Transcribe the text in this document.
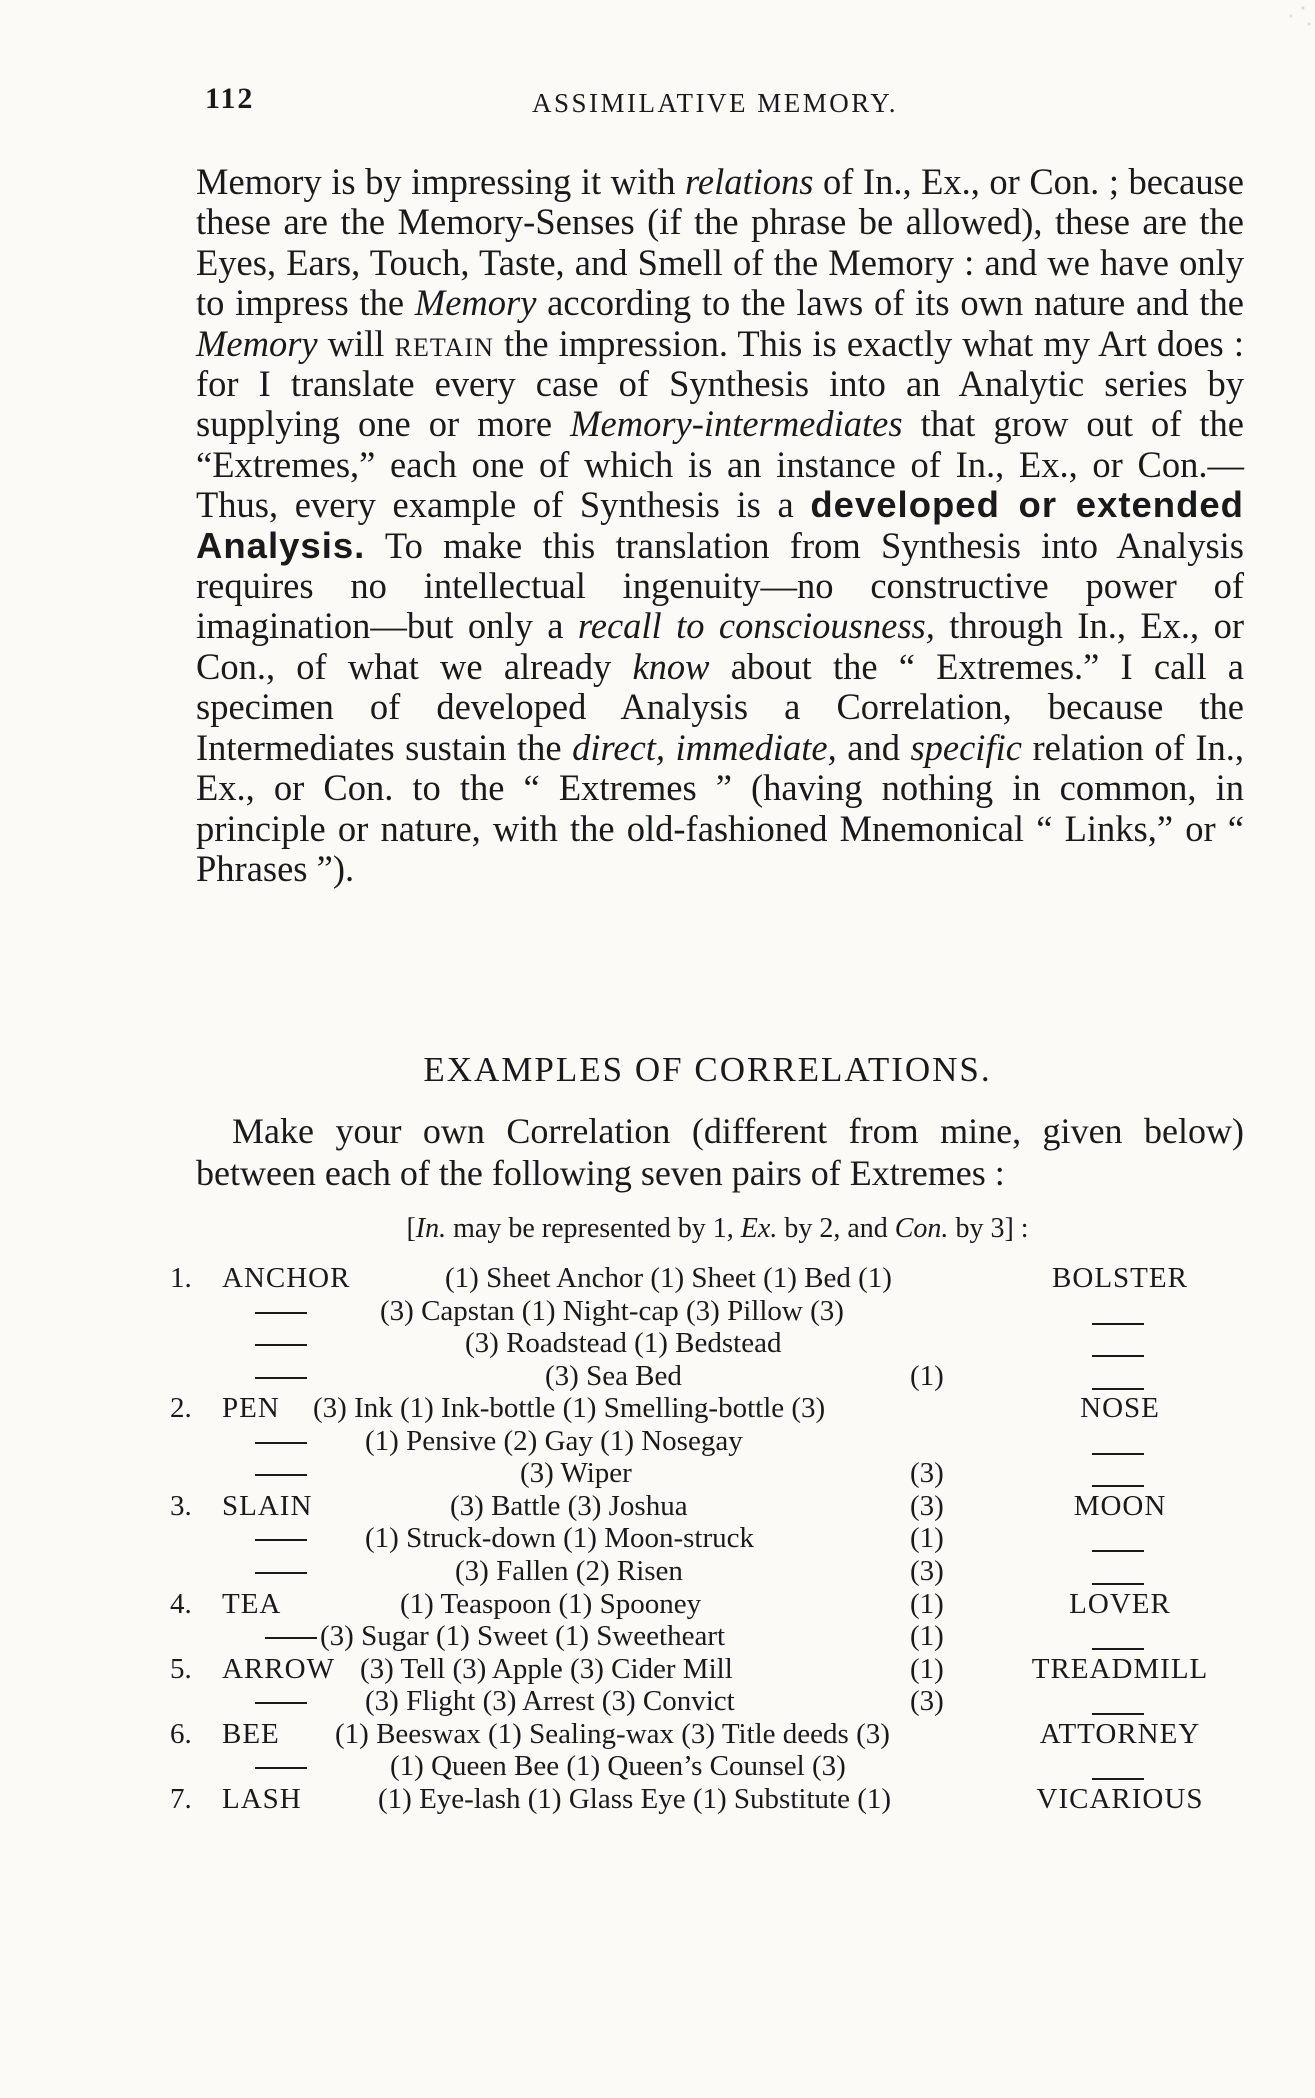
112	ASSIMILATIVE MEMORY.

Memory is by impressing it with relations of In., Ex., or Con. ; because these are the Memory-Senses (if the phrase be allowed), these are the Eyes, Ears, Touch, Taste, and Smell of the Memory : and we have only to impress the Memory according to the laws of its own nature and the Memory will retain the impression. This is exactly what my Art does : for I translate every case of Synthesis into an Analytic series by supplying one or more Memory-intermediates that grow out of the “Extremes,” each one of which is an instance of In., Ex., or Con.—Thus, every example of Synthesis is a developed or extended Analysis. To make this translation from Synthesis into Analysis requires no intellectual ingenuity—no constructive power of imagination—but only a recall to consciousness, through In., Ex., or Con., of what we already know about the “ Extremes.” I call a specimen of developed Analysis a Correlation, because the Intermediates sustain the direct, immediate, and specific relation of In., Ex., or Con. to the “ Extremes ” (having nothing in common, in principle or nature, with the old-fashioned Mnemonical “ Links,” or “ Phrases ”).

EXAMPLES OF CORRELATIONS.
Make your own Correlation (different from mine, given below) between each of the following seven pairs of Extremes :
[In. may be represented by 1, Ex. by 2, and Con. by 3] :
1. ANCHOR	(1) Sheet Anchor (1) Sheet (1) Bed (1)	BOLSTER
(3) Capstan (1) Night-cap (3) Pillow (3)
(3) Roadstead (1) Bedstead
(3) Sea Bed	(1)
2. PEN (3) Ink (1) Ink-bottle (1) Smelling-bottle (3)	NOSE
(1) Pensive (2) Gay (1) Nosegay
(3) Wiper	(3)
3. SLAIN	(3) Battle (3) Joshua	(3)	MOON
(1) Struck-down (1) Moon-struck	(1)
(3) Fallen (2) Risen	(3)
4. TEA	(1) Teaspoon (1) Spooney	(1)	LOVER
(3) Sugar (1) Sweet (1) Sweetheart	(1)
5. ARROW (3) Tell (3) Apple (3) Cider Mill	(1)	TREADMILL
(3) Flight (3) Arrest (3) Convict	(3)
6. BEE (1) Beeswax (1) Sealing-wax (3) Title deeds (3)	ATTORNEY
(1) Queen Bee (1) Queen’s Counsel (3)
7. LASH	(1) Eye-lash (1) Glass Eye (1) Substitute (1)	VICARIOUS
